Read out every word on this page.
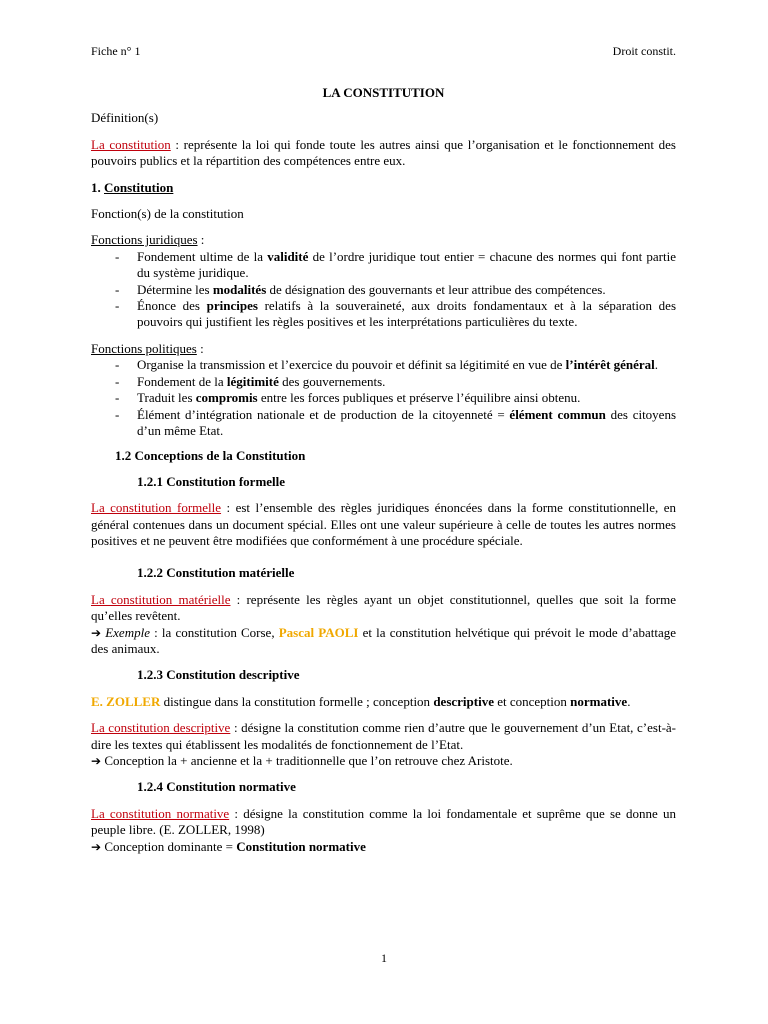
Fiche n° 1	Droit constit.

LA CONSTITUTION

Définition(s)

La constitution : représente la loi qui fonde toute les autres ainsi que l’organisation et le fonctionnement des pouvoirs publics et la répartition des compétences entre eux.

1. Constitution

Fonction(s) de la constitution

Fonctions juridiques :

- Fondement ultime de la validité de l’ordre juridique tout entier = chacune des normes qui font partie du système juridique.
- Détermine les modalités de désignation des gouvernants et leur attribue des compétences.
- Énonce des principes relatifs à la souveraineté, aux droits fondamentaux et à la séparation des pouvoirs qui justifient les règles positives et les interprétations particulières du texte.

Fonctions politiques :

- Organise la transmission et l’exercice du pouvoir et définit sa légitimité en vue de l’intérêt général.
- Fondement de la légitimité des gouvernements.
- Traduit les compromis entre les forces publiques et préserve l’équilibre ainsi obtenu.
- Élément d’intégration nationale et de production de la citoyenneté = élément commun des citoyens d’un même Etat.

1.2 Conceptions de la Constitution

1.2.1 Constitution formelle

La constitution formelle : est l’ensemble des règles juridiques énoncées dans la forme constitutionnelle, en général contenues dans un document spécial. Elles ont une valeur supérieure à celle de toutes les autres normes positives et ne peuvent être modifiées que conformément à une procédure spéciale.

1.2.2 Constitution matérielle

La constitution matérielle : représente les règles ayant un objet constitutionnel, quelles que soit la forme qu’elles revêtent.

➔ Exemple : la constitution Corse, Pascal PAOLI et la constitution helvétique qui prévoit le mode d’abattage des animaux.

1.2.3 Constitution descriptive

E. ZOLLER distingue dans la constitution formelle ; conception descriptive et conception normative.

La constitution descriptive : désigne la constitution comme rien d’autre que le gouvernement d’un Etat, c’est-à-dire les textes qui établissent les modalités de fonctionnement de l’Etat.

➔ Conception la + ancienne et la + traditionnelle que l’on retrouve chez Aristote.

1.2.4 Constitution normative

La constitution normative : désigne la constitution comme la loi fondamentale et suprême que se donne un peuple libre. (E. ZOLLER, 1998)

➔ Conception dominante = Constitution normative

1
